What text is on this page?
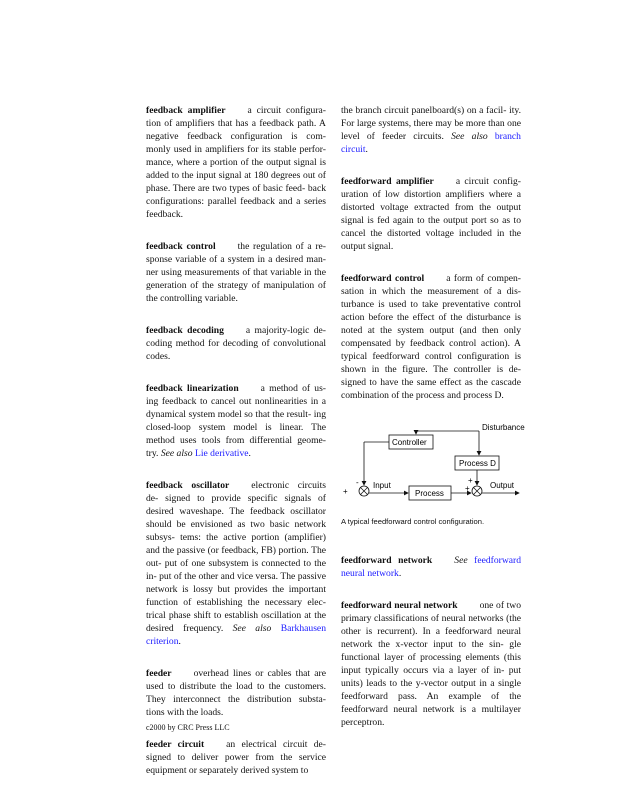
feedback amplifier a circuit configura- tion of amplifiers that has a feedback path. A negative feedback configuration is com- monly used in amplifiers for its stable perfor- mance, where a portion of the output signal is added to the input signal at 180 degrees out of phase. There are two types of basic feed- back configurations: parallel feedback and a series feedback.

feedback control the regulation of a re- sponse variable of a system in a desired man- ner using measurements of that variable in the generation of the strategy of manipulation of the controlling variable.

feedback decoding a majority-logic de- coding method for decoding of convolutional codes.

feedback linearization a method of us- ing feedback to cancel out nonlinearities in a dynamical system model so that the result- ing closed-loop system model is linear. The method uses tools from differential geome- try. See also Lie derivative.

feedback oscillator electronic circuits de- signed to provide specific signals of desired waveshape. The feedback oscillator should be envisioned as two basic network subsys- tems: the active portion (amplifier) and the passive (or feedback, FB) portion. The out- put of one subsystem is connected to the in- put of the other and vice versa. The passive network is lossy but provides the important function of establishing the necessary elec- trical phase shift to establish oscillation at the desired frequency. See also Barkhausen criterion.

feeder overhead lines or cables that are used to distribute the load to the customers. They interconnect the distribution substa- tions with the loads.

feeder circuit an electrical circuit de- signed to deliver power from the service equipment or separately derived system to

the branch circuit panelboard(s) on a facil- ity. For large systems, there may be more than one level of feeder circuits. See also branch circuit.

feedforward amplifier a circuit config- uration of low distortion amplifiers where a distorted voltage extracted from the output signal is fed again to the output port so as to cancel the distorted voltage included in the output signal.

feedforward control a form of compen- sation in which the measurement of a dis- turbance is used to take preventative control action before the effect of the disturbance is noted at the system output (and then only compensated by feedback control action). A typical feedforward control configuration is shown in the figure. The controller is de- signed to have the same effect as the cascade combination of the process and process D.

Disturbance
Controller
Process D
-
+
Input
Process
+
+	Output
A typical feedforward control configuration.

feedforward network See feedforward neural network.

feedforward neural network one of two primary classifications of neural networks (the other is recurrent). In a feedforward neural network the x-vector input to the sin- gle functional layer of processing elements (this input typically occurs via a layer of in- put units) leads to the y-vector output in a single feedforward pass. An example of the feedforward neural network is a multilayer perceptron.

c2000 by CRC Press LLC
